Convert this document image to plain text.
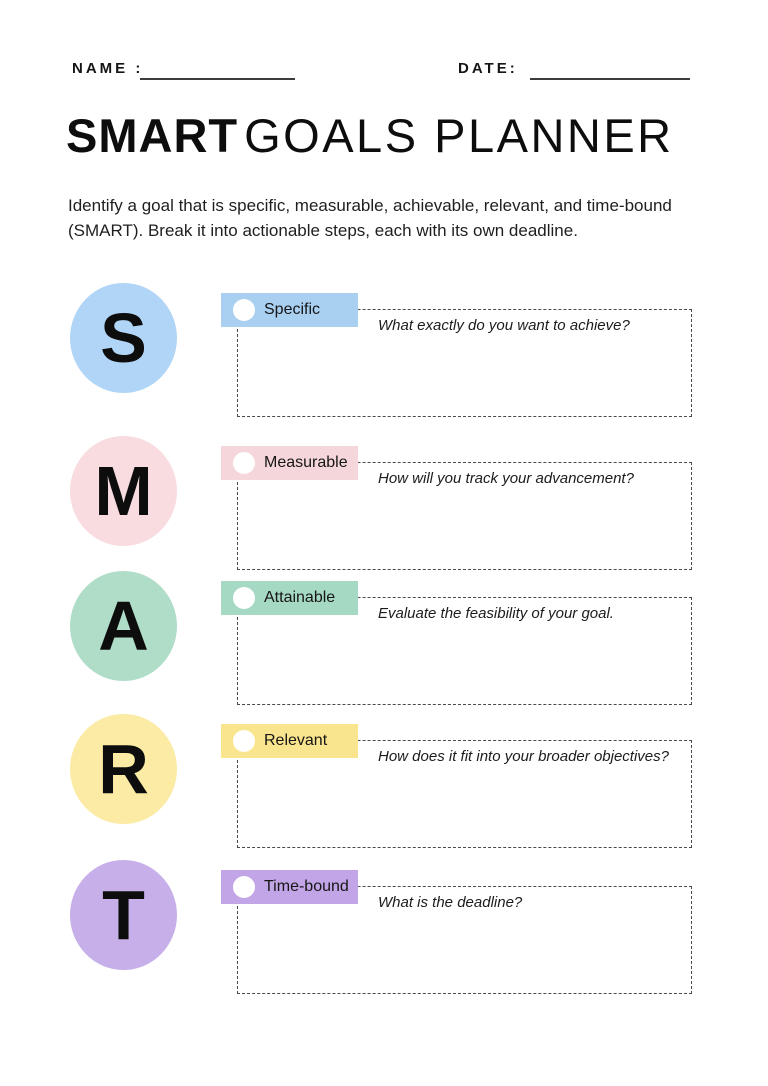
NAME :	DATE:
SMART GOALS PLANNER

Identify a goal that is specific, measurable, achievable, relevant, and time-bound (SMART). Break it into actionable steps, each with its own deadline.

S	What exactly do you want to achieve?
Specific
M	How will you track your advancement?
Measurable
A	Evaluate the feasibility of your goal.
Attainable
R	How does it fit into your broader objectives?
Relevant
T	What is the deadline?
Time-bound
